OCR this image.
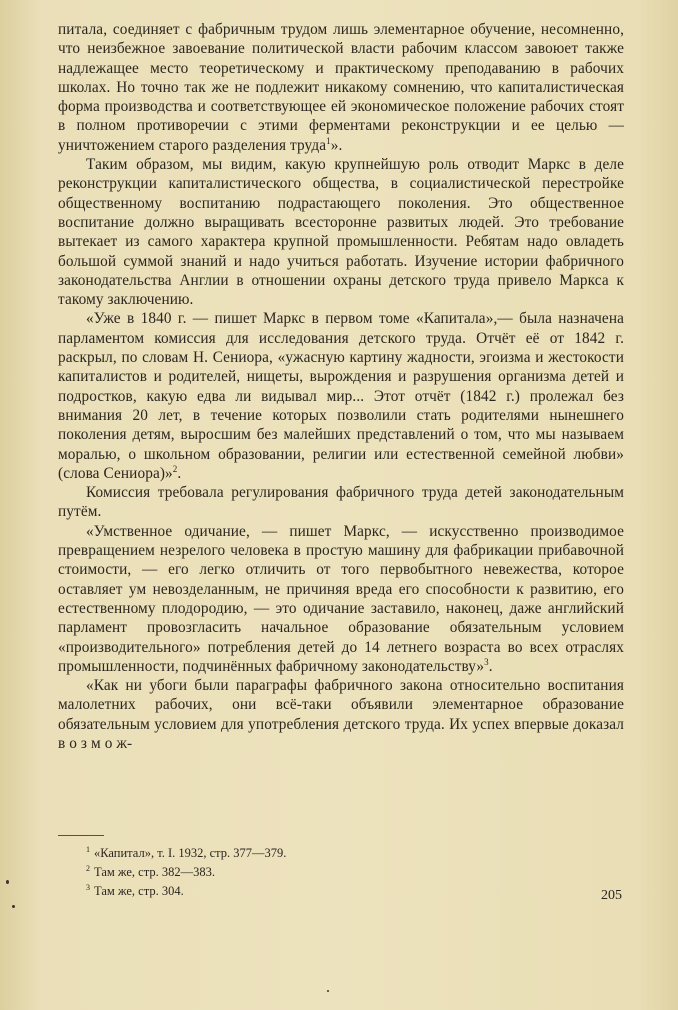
питала, соединяет с фабричным трудом лишь элементарное обучение, несомненно, что неизбежное завоевание политической власти рабочим классом завоюет также надлежащее место теоретическому и практическому преподаванию в рабочих школах. Но точно так же не подлежит никакому сомнению, что капиталистическая форма производства и соответствующее ей экономическое положение рабочих стоят в полном противоречии с этими ферментами реконструкции и ее целью — уничтожением старого разделения труда$^1$».

Таким образом, мы видим, какую крупнейшую роль отводит Маркс в деле реконструкции капиталистического общества, в социалистической перестройке общественному воспитанию подрастающего поколения. Это общественное воспитание должно выращивать всесторонне развитых людей. Это требование вытекает из самого характера крупной промышленности. Ребятам надо овладеть большой суммой знаний и надо учиться работать. Изучение истории фабричного законодательства Англии в отношении охраны детского труда привело Маркса к такому заключению.

«Уже в 1840 г. — пишет Маркс в первом томе «Капитала»,— была назначена парламентом комиссия для исследования детского труда. Отчёт её от 1842 г. раскрыл, по словам Н. Сениора, «ужасную картину жадности, эгоизма и жестокости капиталистов и родителей, нищеты, вырождения и разрушения организма детей и подростков, какую едва ли видывал мир... Этот отчёт (1842 г.) пролежал без внимания 20 лет, в течение которых позволили стать родителями нынешнего поколения детям, выросшим без малейших представлений о том, что мы называем моралью, о школьном образовании, религии или естественной семейной любви» (слова Сениора)»$^2$.

Комиссия требовала регулирования фабричного труда детей законодательным путём.

«Умственное одичание, — пишет Маркс, — искусственно производимое превращением незрелого человека в простую машину для фабрикации прибавочной стоимости, — его легко отличить от того первобытного невежества, которое оставляет ум невозделанным, не причиняя вреда его способности к развитию, его естественному плодородию, — это одичание заставило, наконец, даже английский парламент провозгласить начальное образование обязательным условием «производительного» потребления детей до 14 летнего возраста во всех отраслях промышленности, подчинённых фабричному законодательству»$^3$.

«Как ни убоги были параграфы фабричного закона относительно воспитания малолетних рабочих, они всё-таки объявили элементарное образование обязательным условием для употребления детского труда. Их успех впервые доказал в о з м о ж-

$^1$ «Капитал», т. I. 1932, стр. 377—379.
$^2$ Там же, стр. 382—383.
$^3$ Там же, стр. 304.	205
